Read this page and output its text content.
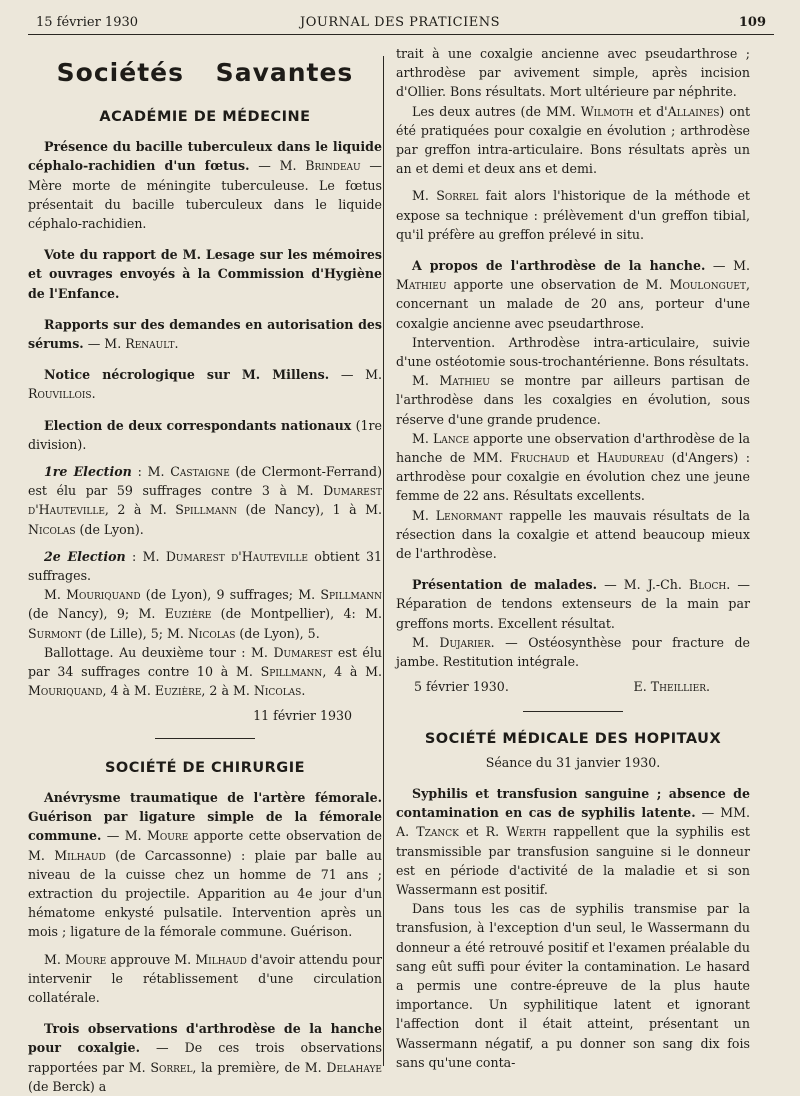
15 février 1930	JOURNAL DES PRATICIENS	109
Sociétés Savantes
ACADÉMIE DE MÉDECINE

Présence du bacille tuberculeux dans le liquide céphalo-rachidien d'un fœtus. — M. Brindeau — Mère morte de méningite tuberculeuse. Le fœtus présentait du bacille tuberculeux dans le liquide céphalo-rachidien.

Vote du rapport de M. Lesage sur les mémoires et ouvrages envoyés à la Commission d'Hygiène de l'Enfance.

Rapports sur des demandes en autorisation des sérums. — M. Renault.

Notice nécrologique sur M. Millens. — M. Rouvillois.

Election de deux correspondants nationaux (1re division).

1re Election : M. Castaigne (de Clermont-Ferrand) est élu par 59 suffrages contre 3 à M. Dumarest d'Hauteville, 2 à M. Spillmann (de Nancy), 1 à M. Nicolas (de Lyon).

2e Election : M. Dumarest d'Hauteville obtient 31 suffrages.

M. Mouriquand (de Lyon), 9 suffrages; M. Spillmann (de Nancy), 9; M. Euzière (de Montpellier), 4: M. Surmont (de Lille), 5; M. Nicolas (de Lyon), 5.

Ballottage. Au deuxième tour : M. Dumarest est élu par 34 suffrages contre 10 à M. Spillmann, 4 à M. Mouriquand, 4 à M. Euzière, 2 à M. Nicolas.

11 février 1930

SOCIÉTÉ DE CHIRURGIE

Anévrysme traumatique de l'artère fémorale. Guérison par ligature simple de la fémorale commune. — M. Moure apporte cette observation de M. Milhaud (de Carcassonne) : plaie par balle au niveau de la cuisse chez un homme de 71 ans ; extraction du projectile. Apparition au 4e jour d'un hématome enkysté pulsatile. Intervention après un mois ; ligature de la fémorale commune. Guérison.

M. Moure approuve M. Milhaud d'avoir attendu pour intervenir le rétablissement d'une circulation collatérale.

Trois observations d'arthrodèse de la hanche pour coxalgie. — De ces trois observations rapportées par M. Sorrel, la première, de M. Delahaye (de Berck) a

trait à une coxalgie ancienne avec pseudarthrose ; arthrodèse par avivement simple, après incision d'Ollier. Bons résultats. Mort ultérieure par néphrite.

Les deux autres (de MM. Wilmoth et d'Allaines) ont été pratiquées pour coxalgie en évolution ; arthrodèse par greffon intra-articulaire. Bons résultats après un an et demi et deux ans et demi.

M. Sorrel fait alors l'historique de la méthode et expose sa technique : prélèvement d'un greffon tibial, qu'il préfère au greffon prélevé in situ.

A propos de l'arthrodèse de la hanche. — M. Mathieu apporte une observation de M. Moulonguet, concernant un malade de 20 ans, porteur d'une coxalgie ancienne avec pseudarthrose.

Intervention. Arthrodèse intra-articulaire, suivie d'une ostéotomie sous-trochantérienne. Bons résultats.

M. Mathieu se montre par ailleurs partisan de l'arthrodèse dans les coxalgies en évolution, sous réserve d'une grande prudence.

M. Lance apporte une observation d'arthrodèse de la hanche de MM. Fruchaud et Haudureau (d'Angers) : arthrodèse pour coxalgie en évolution chez une jeune femme de 22 ans. Résultats excellents.

M. Lenormant rappelle les mauvais résultats de la résection dans la coxalgie et attend beaucoup mieux de l'arthrodèse.

Présentation de malades. — M. J.-Ch. Bloch. — Réparation de tendons extenseurs de la main par greffons morts. Excellent résultat.

M. Dujarier. — Ostéosynthèse pour fracture de jambe. Restitution intégrale.

5 février 1930.	E. Theillier.
SOCIÉTÉ MÉDICALE DES HOPITAUX

Séance du 31 janvier 1930.

Syphilis et transfusion sanguine ; absence de contamination en cas de syphilis latente. — MM. A. Tzanck et R. Werth rappellent que la syphilis est transmissible par transfusion sanguine si le donneur est en période d'activité de la maladie et si son Wassermann est positif.

Dans tous les cas de syphilis transmise par la transfusion, à l'exception d'un seul, le Wassermann du donneur a été retrouvé positif et l'examen préalable du sang eût suffi pour éviter la contamination. Le hasard a permis une contre-épreuve de la plus haute importance. Un syphilitique latent et ignorant l'affection dont il était atteint, présentant un Wassermann négatif, a pu donner son sang dix fois sans qu'une conta-
